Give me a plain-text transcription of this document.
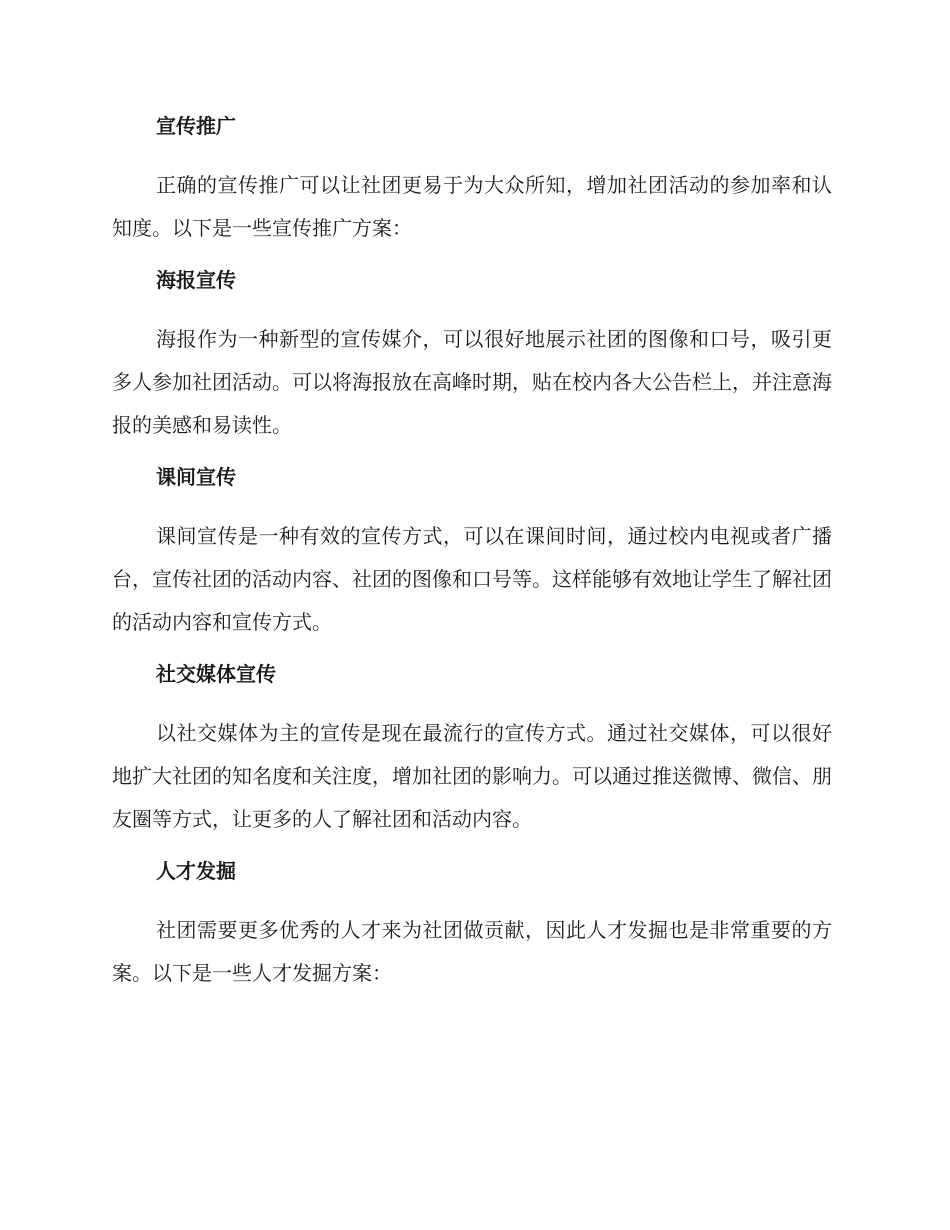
宣传推广

正确的宣传推广可以让社团更易于为大众所知，增加社团活动的参加率和认知度。以下是一些宣传推广方案：

海报宣传

海报作为一种新型的宣传媒介，可以很好地展示社团的图像和口号，吸引更多人参加社团活动。可以将海报放在高峰时期，贴在校内各大公告栏上，并注意海报的美感和易读性。

课间宣传

课间宣传是一种有效的宣传方式，可以在课间时间，通过校内电视或者广播台，宣传社团的活动内容、社团的图像和口号等。这样能够有效地让学生了解社团的活动内容和宣传方式。

社交媒体宣传

以社交媒体为主的宣传是现在最流行的宣传方式。通过社交媒体，可以很好地扩大社团的知名度和关注度，增加社团的影响力。可以通过推送微博、微信、朋友圈等方式，让更多的人了解社团和活动内容。

人才发掘

社团需要更多优秀的人才来为社团做贡献，因此人才发掘也是非常重要的方案。以下是一些人才发掘方案：
